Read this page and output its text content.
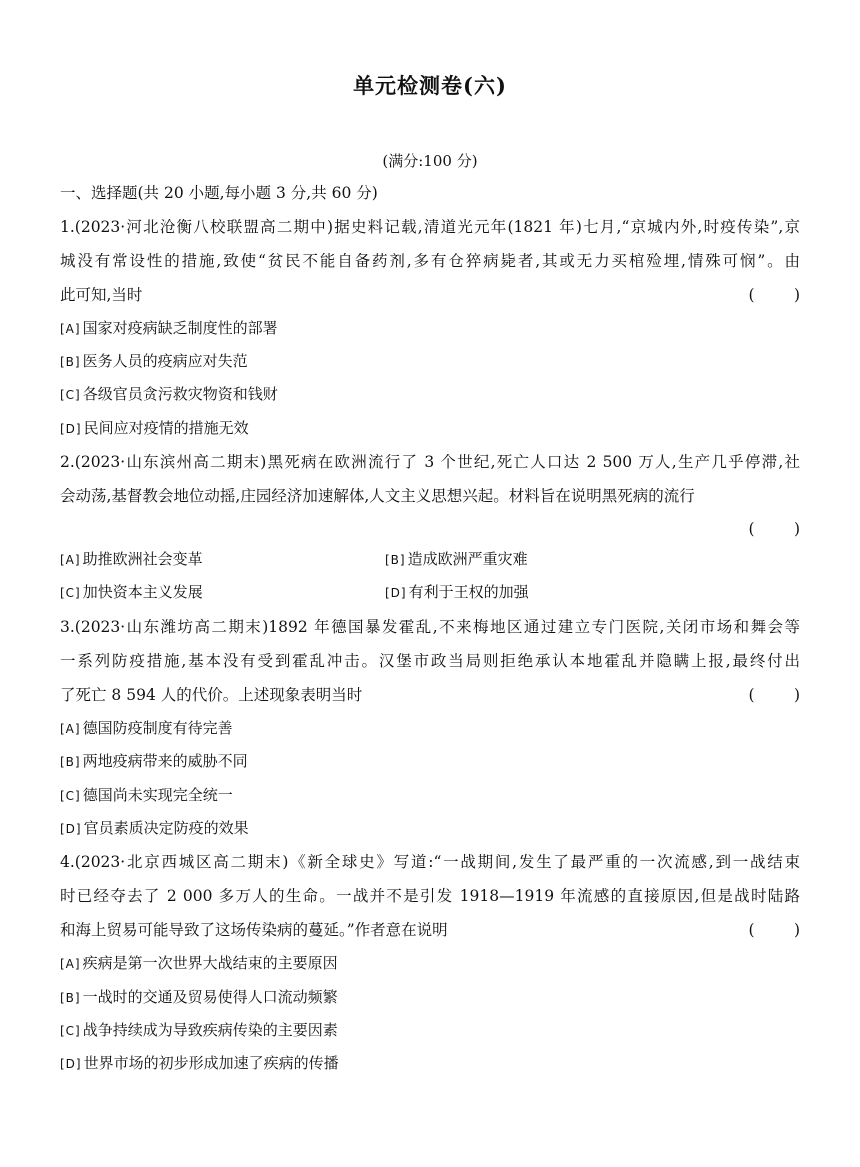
单元检测卷(六)
(满分:100 分)
一、选择题(共 20 小题,每小题 3 分,共 60 分)
1.(2023·河北沧衡八校联盟高二期中)据史料记载,清道光元年(1821 年)七月,“京城内外,时疫传染”,京
城没有常设性的措施,致使“贫民不能自备药剂,多有仓猝病毙者,其或无力买棺殓埋,情殊可悯”。由
此可知,当时	(        )
[A] 国家对疫病缺乏制度性的部署
[B] 医务人员的疫病应对失范
[C] 各级官员贪污救灾物资和钱财
[D] 民间应对疫情的措施无效
2.(2023·山东滨州高二期末)黑死病在欧洲流行了 3 个世纪,死亡人口达 2 500 万人,生产几乎停滞,社
会动荡,基督教会地位动摇,庄园经济加速解体,人文主义思想兴起。材料旨在说明黑死病的流行
(        )
[A] 助推欧洲社会变革	[B] 造成欧洲严重灾难
[C] 加快资本主义发展	[D] 有利于王权的加强
3.(2023·山东潍坊高二期末)1892 年德国暴发霍乱,不来梅地区通过建立专门医院,关闭市场和舞会等
一系列防疫措施,基本没有受到霍乱冲击。汉堡市政当局则拒绝承认本地霍乱并隐瞒上报,最终付出
了死亡 8 594 人的代价。上述现象表明当时	(        )
[A] 德国防疫制度有待完善
[B] 两地疫病带来的威胁不同
[C] 德国尚未实现完全统一
[D] 官员素质决定防疫的效果
4.(2023·北京西城区高二期末)《新全球史》写道:“一战期间,发生了最严重的一次流感,到一战结束
时已经夺去了 2 000 多万人的生命。一战并不是引发 1918—1919 年流感的直接原因,但是战时陆路
和海上贸易可能导致了这场传染病的蔓延。”作者意在说明	(        )
[A] 疾病是第一次世界大战结束的主要原因
[B] 一战时的交通及贸易使得人口流动频繁
[C] 战争持续成为导致疾病传染的主要因素
[D] 世界市场的初步形成加速了疾病的传播
